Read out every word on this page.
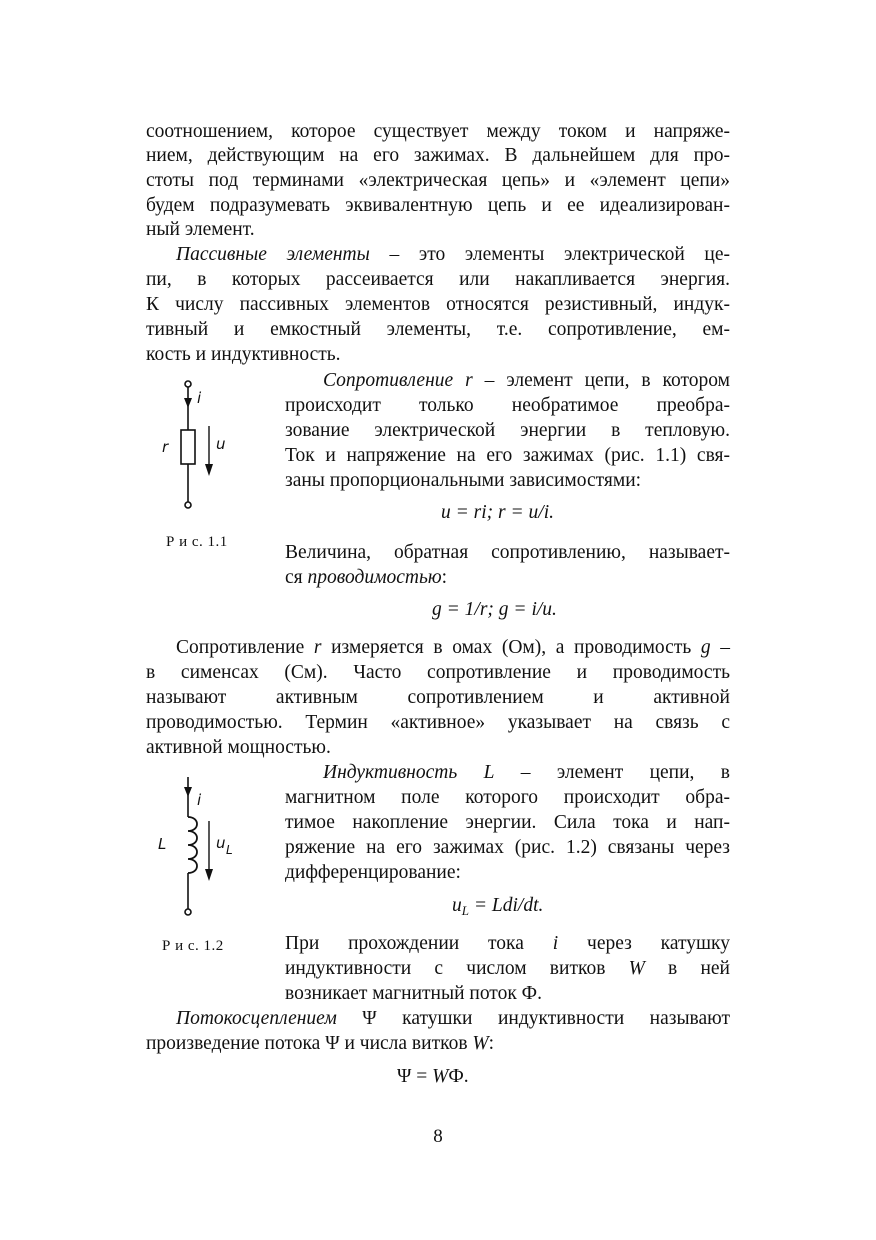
соотношением, которое существует между током и напряже-
нием, действующим на его зажимах. В дальнейшем для про-
стоты под терминами «электрическая цепь» и «элемент цепи»
будем подразумевать эквивалентную цепь и ее идеализирован-
ный элемент.
Пассивные элементы – это элементы электрической це-
пи, в которых рассеивается или накапливается энергия.
К числу пассивных элементов относятся резистивный, индук-
тивный и емкостный элементы, т.е. сопротивление, ем-
кость и индуктивность.
i
r	u
Р и с. 1.1
Сопротивление r – элемент цепи, в котором
происходит только необратимое преобра-
зование электрической энергии в тепловую.
Ток и напряжение на его зажимах (рис. 1.1) свя-
заны пропорциональными зависимостями:
u = ri; r = u/i.
Величина, обратная сопротивлению, называет-
ся проводимостью:
g = 1/r; g = i/u.
Сопротивление r измеряется в омах (Ом), а проводимость g –
в сименсах (См). Часто сопротивление и проводимость
называют активным сопротивлением и активной
проводимостью. Термин «активное» указывает на связь с
активной мощностью.
i
L	u L
Р и с. 1.2
Индуктивность L – элемент цепи, в
магнитном поле которого происходит обра-
тимое накопление энергии. Сила тока и нап-
ряжение на его зажимах (рис. 1.2) связаны через
дифференцирование:
$u_L = Ldi/dt$.
При прохождении тока i через катушку
индуктивности с числом витков W в ней
возникает магнитный поток Ф.
Потокосцеплением Ψ катушки индуктивности называют
произведение потока Ψ и числа витков W:
Ψ = WФ.
8
